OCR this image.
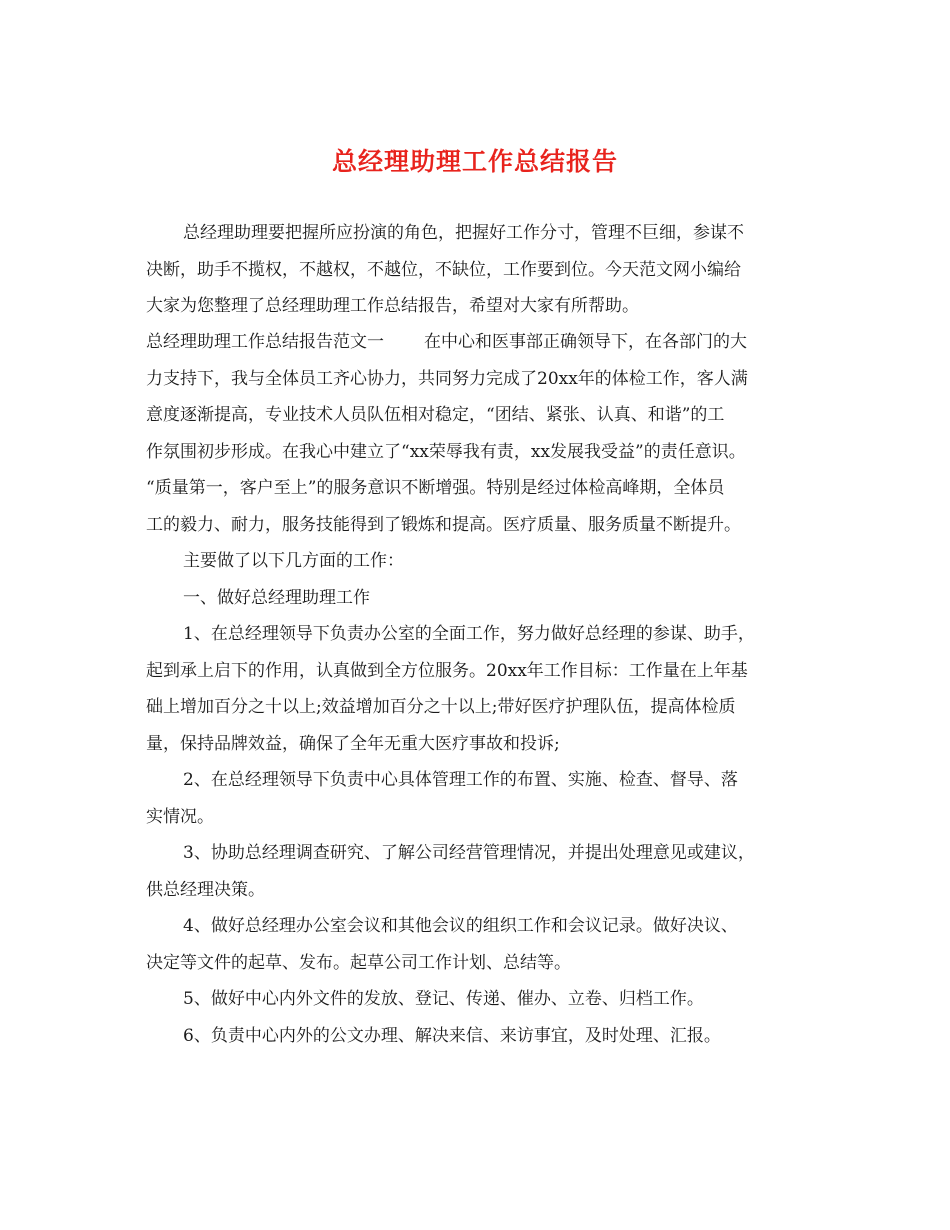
总经理助理工作总结报告

总经理助理要把握所应扮演的角色，把握好工作分寸，管理不巨细，参谋不

决断，助手不揽权，不越权，不越位，不缺位，工作要到位。今天范文网小编给

大家为您整理了总经理助理工作总结报告，希望对大家有所帮助。

总经理助理工作总结报告范文一 在中心和医事部正确领导下，在各部门的大

力支持下，我与全体员工齐心协力，共同努力完成了20xx年的体检工作，客人满

意度逐渐提高，专业技术人员队伍相对稳定，“团结、紧张、认真、和谐”的工

作氛围初步形成。在我心中建立了“xx荣辱我有责，xx发展我受益”的责任意识。

“质量第一，客户至上”的服务意识不断增强。特别是经过体检高峰期，全体员

工的毅力、耐力，服务技能得到了锻炼和提高。医疗质量、服务质量不断提升。

主要做了以下几方面的工作：

一、做好总经理助理工作

1、在总经理领导下负责办公室的全面工作，努力做好总经理的参谋、助手，

起到承上启下的作用，认真做到全方位服务。20xx年工作目标：工作量在上年基

础上增加百分之十以上;效益增加百分之十以上;带好医疗护理队伍，提高体检质

量，保持品牌效益，确保了全年无重大医疗事故和投诉;

2、在总经理领导下负责中心具体管理工作的布置、实施、检查、督导、落

实情况。

3、协助总经理调查研究、了解公司经营管理情况，并提出处理意见或建议，

供总经理决策。

4、做好总经理办公室会议和其他会议的组织工作和会议记录。做好决议、

决定等文件的起草、发布。起草公司工作计划、总结等。

5、做好中心内外文件的发放、登记、传递、催办、立卷、归档工作。

6、负责中心内外的公文办理、解决来信、来访事宜，及时处理、汇报。
